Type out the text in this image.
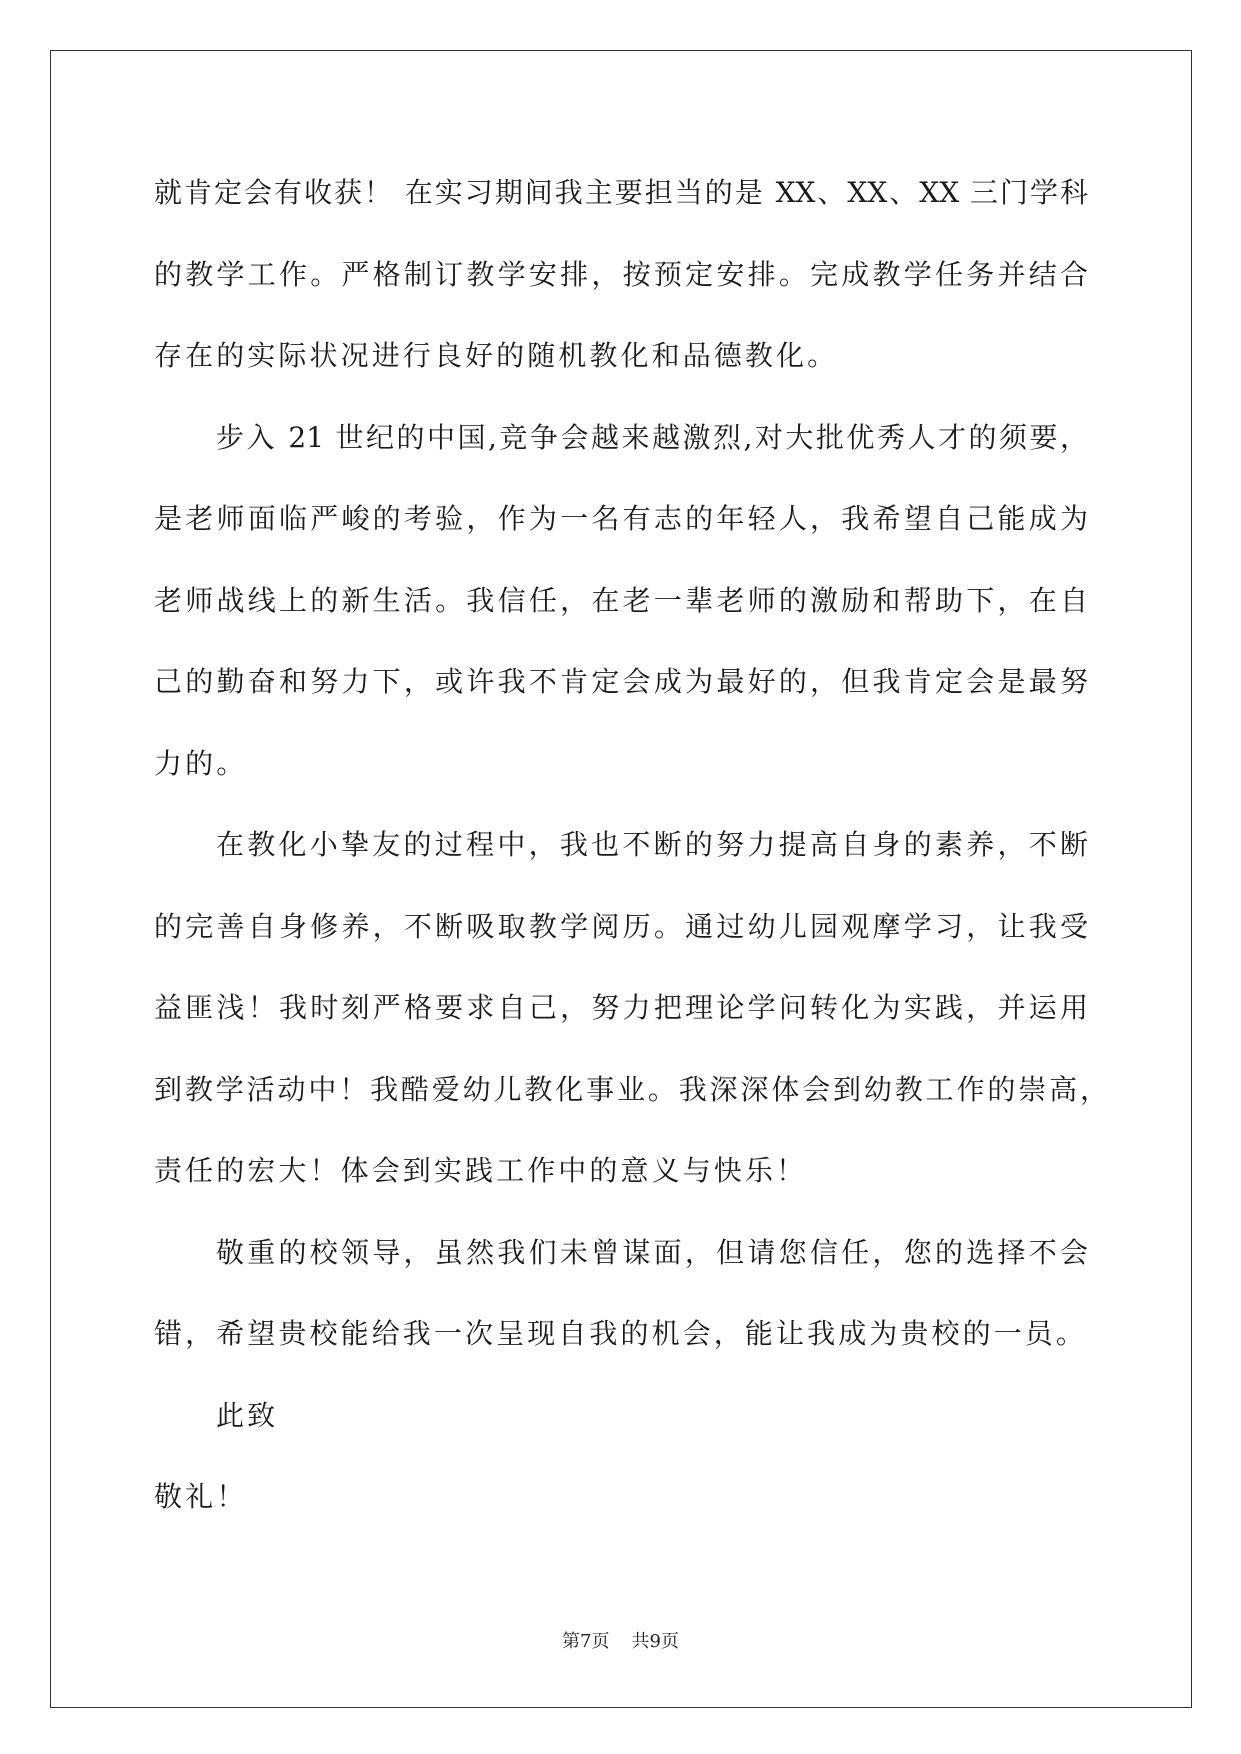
就肯定会有收获！ 在实习期间我主要担当的是 XX、XX、XX 三门学科
的教学工作。严格制订教学安排，按预定安排。完成教学任务并结合
存在的实际状况进行良好的随机教化和品德教化。
步入 21 世纪的中国,竞争会越来越激烈,对大批优秀人才的须要，
是老师面临严峻的考验，作为一名有志的年轻人，我希望自己能成为
老师战线上的新生活。我信任，在老一辈老师的激励和帮助下，在自
己的勤奋和努力下，或许我不肯定会成为最好的，但我肯定会是最努
力的。
在教化小挚友的过程中，我也不断的努力提高自身的素养，不断
的完善自身修养，不断吸取教学阅历。通过幼儿园观摩学习，让我受
益匪浅！我时刻严格要求自己，努力把理论学问转化为实践，并运用
到教学活动中！我酷爱幼儿教化事业。我深深体会到幼教工作的崇高，
责任的宏大！体会到实践工作中的意义与快乐！
敬重的校领导，虽然我们未曾谋面，但请您信任，您的选择不会
错，希望贵校能给我一次呈现自我的机会，能让我成为贵校的一员。
此致
敬礼！
第7页 共9页
